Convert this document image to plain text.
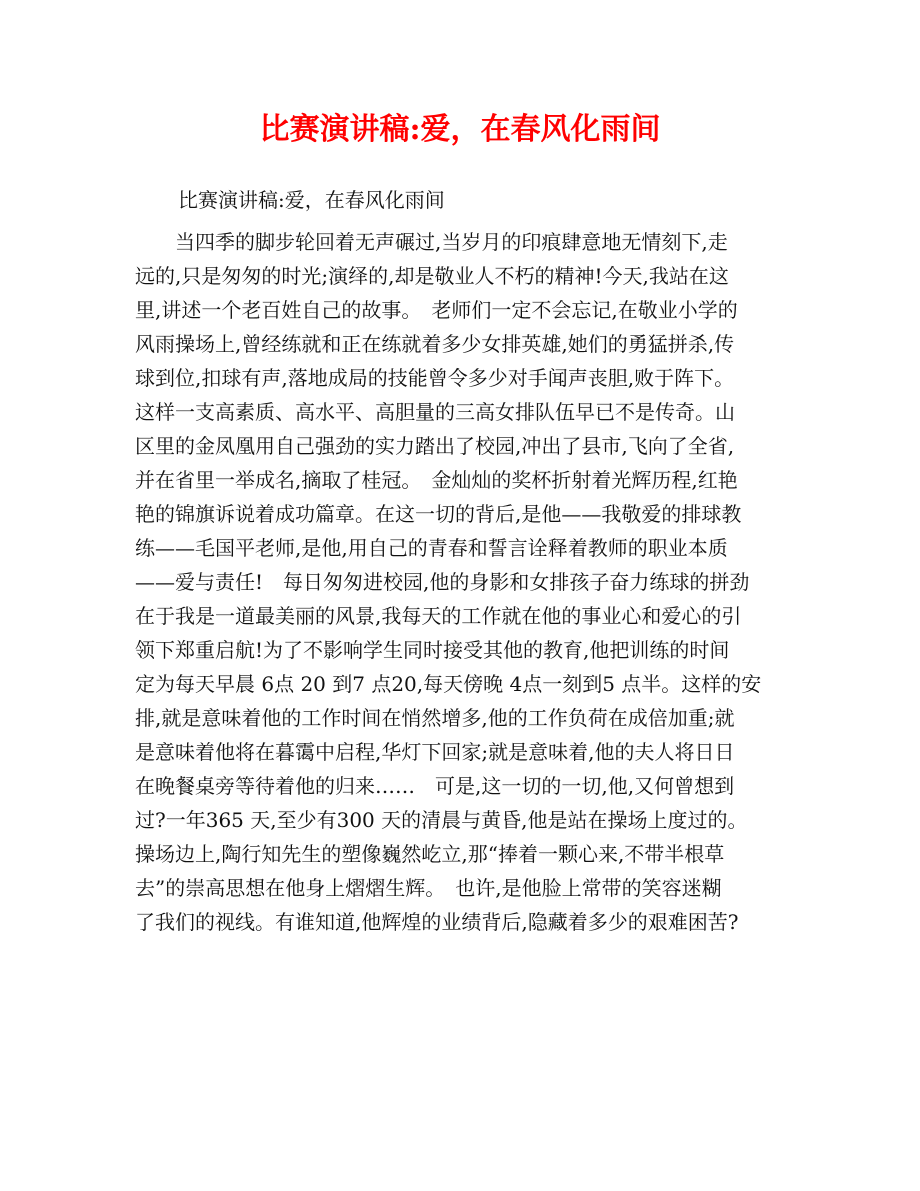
比赛演讲稿:爱，在春风化雨间

比赛演讲稿:爱，在春风化雨间

　　当四季的脚步轮回着无声碾过,当岁月的印痕肆意地无情刻下,走
远的,只是匆匆的时光;演绎的,却是敬业人不朽的精神!今天,我站在这
里,讲述一个老百姓自己的故事。　老师们一定不会忘记,在敬业小学的
风雨操场上,曾经练就和正在练就着多少女排英雄,她们的勇猛拼杀,传
球到位,扣球有声,落地成局的技能曾令多少对手闻声丧胆,败于阵下。
这样一支高素质、高水平、高胆量的三高女排队伍早已不是传奇。山
区里的金凤凰用自己强劲的实力踏出了校园,冲出了县市,飞向了全省,
并在省里一举成名,摘取了桂冠。　金灿灿的奖杯折射着光辉历程,红艳
艳的锦旗诉说着成功篇章。在这一切的背后,是他——我敬爱的排球教
练——毛国平老师,是他,用自己的青春和誓言诠释着教师的职业本质
——爱与责任!　每日匆匆进校园,他的身影和女排孩子奋力练球的拼劲
在于我是一道最美丽的风景,我每天的工作就在他的事业心和爱心的引
领下郑重启航!为了不影响学生同时接受其他的教育,他把训练的时间
定为每天早晨 6点 20 到7 点20,每天傍晚 4点一刻到5 点半。这样的安
排,就是意味着他的工作时间在悄然增多,他的工作负荷在成倍加重;就
是意味着他将在暮霭中启程,华灯下回家;就是意味着,他的夫人将日日
在晚餐桌旁等待着他的归来……　可是,这一切的一切,他,又何曾想到
过?一年365 天,至少有300 天的清晨与黄昏,他是站在操场上度过的。
操场边上,陶行知先生的塑像巍然屹立,那“捧着一颗心来,不带半根草
去”的崇高思想在他身上熠熠生辉。　也许,是他脸上常带的笑容迷糊
了我们的视线。有谁知道,他辉煌的业绩背后,隐藏着多少的艰难困苦?
